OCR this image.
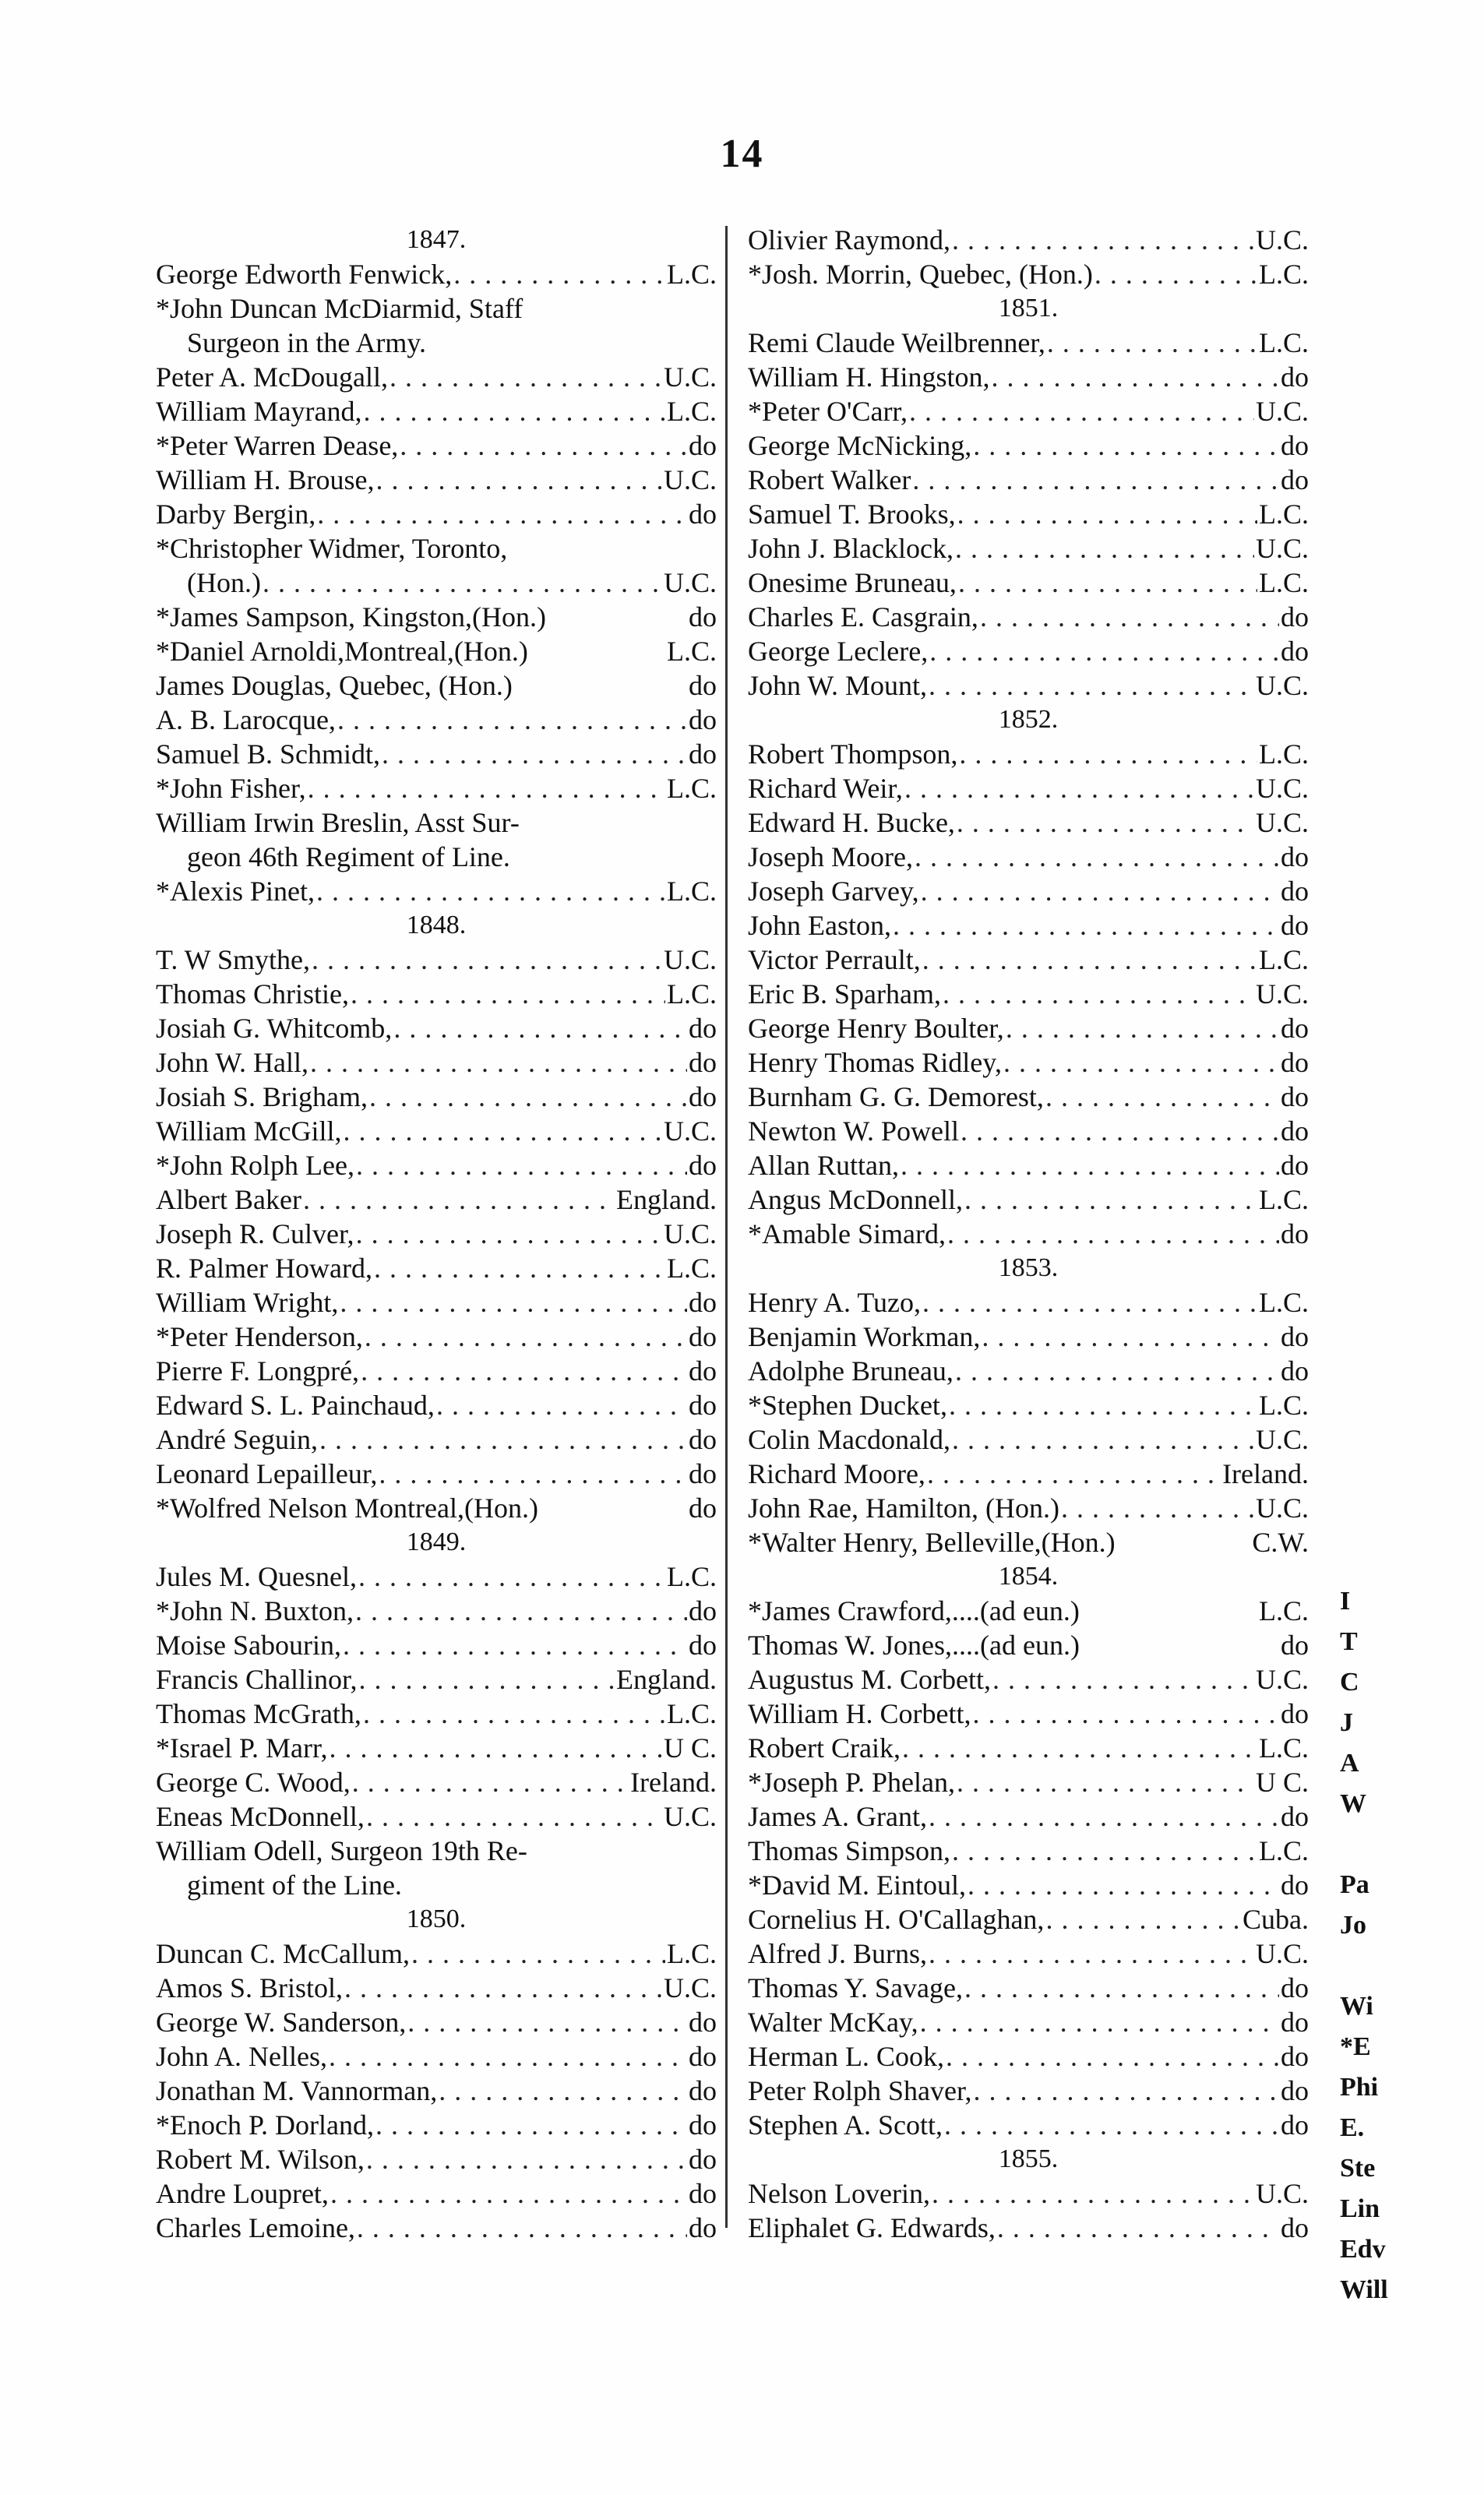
14
1847.
George Edworth Fenwick, . . .	L.C.
*John Duncan McDiarmid, Staff
Surgeon in the Army.
Peter A. McDougall, . . .	U.C.
William Mayrand, . . .	L.C.
*Peter Warren Dease, . . .	do
William H. Brouse, . . .	U.C.
Darby Bergin, . . .	do
*Christopher Widmer, Toronto,
(Hon.) . . .	U.C.
*James Sampson, Kingston,(Hon.)	do
*Daniel Arnoldi,Montreal,(Hon.)	L.C.
James Douglas, Quebec, (Hon.)	do
A. B. Larocque, . . .	do
Samuel B. Schmidt, . . .	do
*John Fisher, . . .	L.C.
William Irwin Breslin, Asst Sur-
geon 46th Regiment of Line.
*Alexis Pinet, . . .	L.C.
1848.
T. W Smythe, . . .	U.C.
Thomas Christie, . . .	L.C.
Josiah G. Whitcomb, . . .	do
John W. Hall, . . .	do
Josiah S. Brigham, . . .	do
William McGill, . . .	U.C.
*John Rolph Lee, . . .	do
Albert Baker . . .	England.
Joseph R. Culver, . . .	U.C.
R. Palmer Howard, . . .	L.C.
William Wright, . . .	do
*Peter Henderson, . . .	do
Pierre F. Longpré, . . .	do
Edward S. L. Painchaud, . . .	do
André Seguin, . . .	do
Leonard Lepailleur, . . .	do
*Wolfred Nelson Montreal,(Hon.)	do
1849.
Jules M. Quesnel, . . .	L.C.
*John N. Buxton, . . .	do
Moise Sabourin, . . .	do
Francis Challinor, . . .	England.
Thomas McGrath, . . .	L.C.
*Israel P. Marr, . . .	U C.
George C. Wood, . . .	Ireland.
Eneas McDonnell, . . .	U.C.
William Odell, Surgeon 19th Re-
giment of the Line.
1850.
Duncan C. McCallum, . . .	L.C.
Amos S. Bristol, . . .	U.C.
George W. Sanderson, . . .	do
John A. Nelles, . . .	do
Jonathan M. Vannorman, . . .	do
*Enoch P. Dorland, . . .	do
Robert M. Wilson, . . .	do
Andre Loupret, . . .	do
Charles Lemoine, . . .	do
Olivier Raymond, . . .	U.C.
*Josh. Morrin, Quebec, (Hon.) . . .	L.C.
1851.
Remi Claude Weilbrenner, . . .	L.C.
William H. Hingston, . . .	do
*Peter O'Carr, . . .	U.C.
George McNicking, . . .	do
Robert Walker . . .	do
Samuel T. Brooks, . . .	L.C.
John J. Blacklock, . . .	U.C.
Onesime Bruneau, . . .	L.C.
Charles E. Casgrain, . . .	do
George Leclere, . . .	do
John W. Mount, . . .	U.C.
1852.
Robert Thompson, . . .	L.C.
Richard Weir, . . .	U.C.
Edward H. Bucke, . . .	U.C.
Joseph Moore, . . .	do
Joseph Garvey, . . .	do
John Easton, . . .	do
Victor Perrault, . . .	L.C.
Eric B. Sparham, . . .	U.C.
George Henry Boulter, . . .	do
Henry Thomas Ridley, . . .	do
Burnham G. G. Demorest, . . .	do
Newton W. Powell . . .	do
Allan Ruttan, . . .	do
Angus McDonnell, . . .	L.C.
*Amable Simard, . . .	do
1853.
Henry A. Tuzo, . . .	L.C.
Benjamin Workman, . . .	do
Adolphe Bruneau, . . .	do
*Stephen Ducket, . . .	L.C.
Colin Macdonald, . . .	U.C.
Richard Moore, . . .	Ireland.
John Rae, Hamilton, (Hon.) . . .	U.C.
*Walter Henry, Belleville,(Hon.)	C.W.
1854.
*James Crawford,....(ad eun.)	L.C.
Thomas W. Jones,....(ad eun.)	do
Augustus M. Corbett, . . .	U.C.
William H. Corbett, . . .	do
Robert Craik, . . .	L.C.
*Joseph P. Phelan, . . .	U C.
James A. Grant, . . .	do
Thomas Simpson, . . .	L.C.
*David M. Eintoul, . . .	do
Cornelius H. O'Callaghan, . . .	Cuba.
Alfred J. Burns, . . .	U.C.
Thomas Y. Savage, . . .	do
Walter McKay, . . .	do
Herman L. Cook, . . .	do
Peter Rolph Shaver, . . .	do
Stephen A. Scott, . . .	do
1855.
Nelson Loverin, . . .	U.C.
Eliphalet G. Edwards, . . .	do
I
T
C
J
A
W
Pa
Jo
Wi
*E
Phi
E.
Ste
Lin
Edv
Will
